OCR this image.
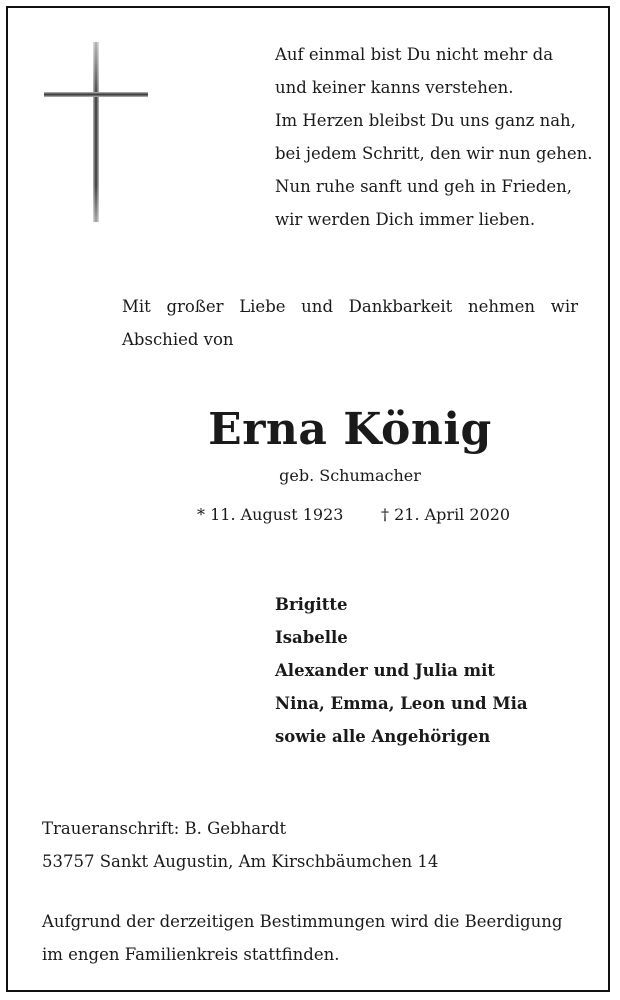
Auf einmal bist Du nicht mehr da
und keiner kanns verstehen.
Im Herzen bleibst Du uns ganz nah,
bei jedem Schritt, den wir nun gehen.
Nun ruhe sanft und geh in Frieden,
wir werden Dich immer lieben.
Mit großer Liebe und Dankbarkeit nehmen wir Abschied von
Erna König
geb. Schumacher
* 11. August 1923 † 21. April 2020
Brigitte
Isabelle
Alexander und Julia mit
Nina, Emma, Leon und Mia
sowie alle Angehörigen
Traueranschrift: B. Gebhardt
53757 Sankt Augustin, Am Kirschbäumchen 14
Aufgrund der derzeitigen Bestimmungen wird die Beerdigung im engen Familienkreis stattfinden.
